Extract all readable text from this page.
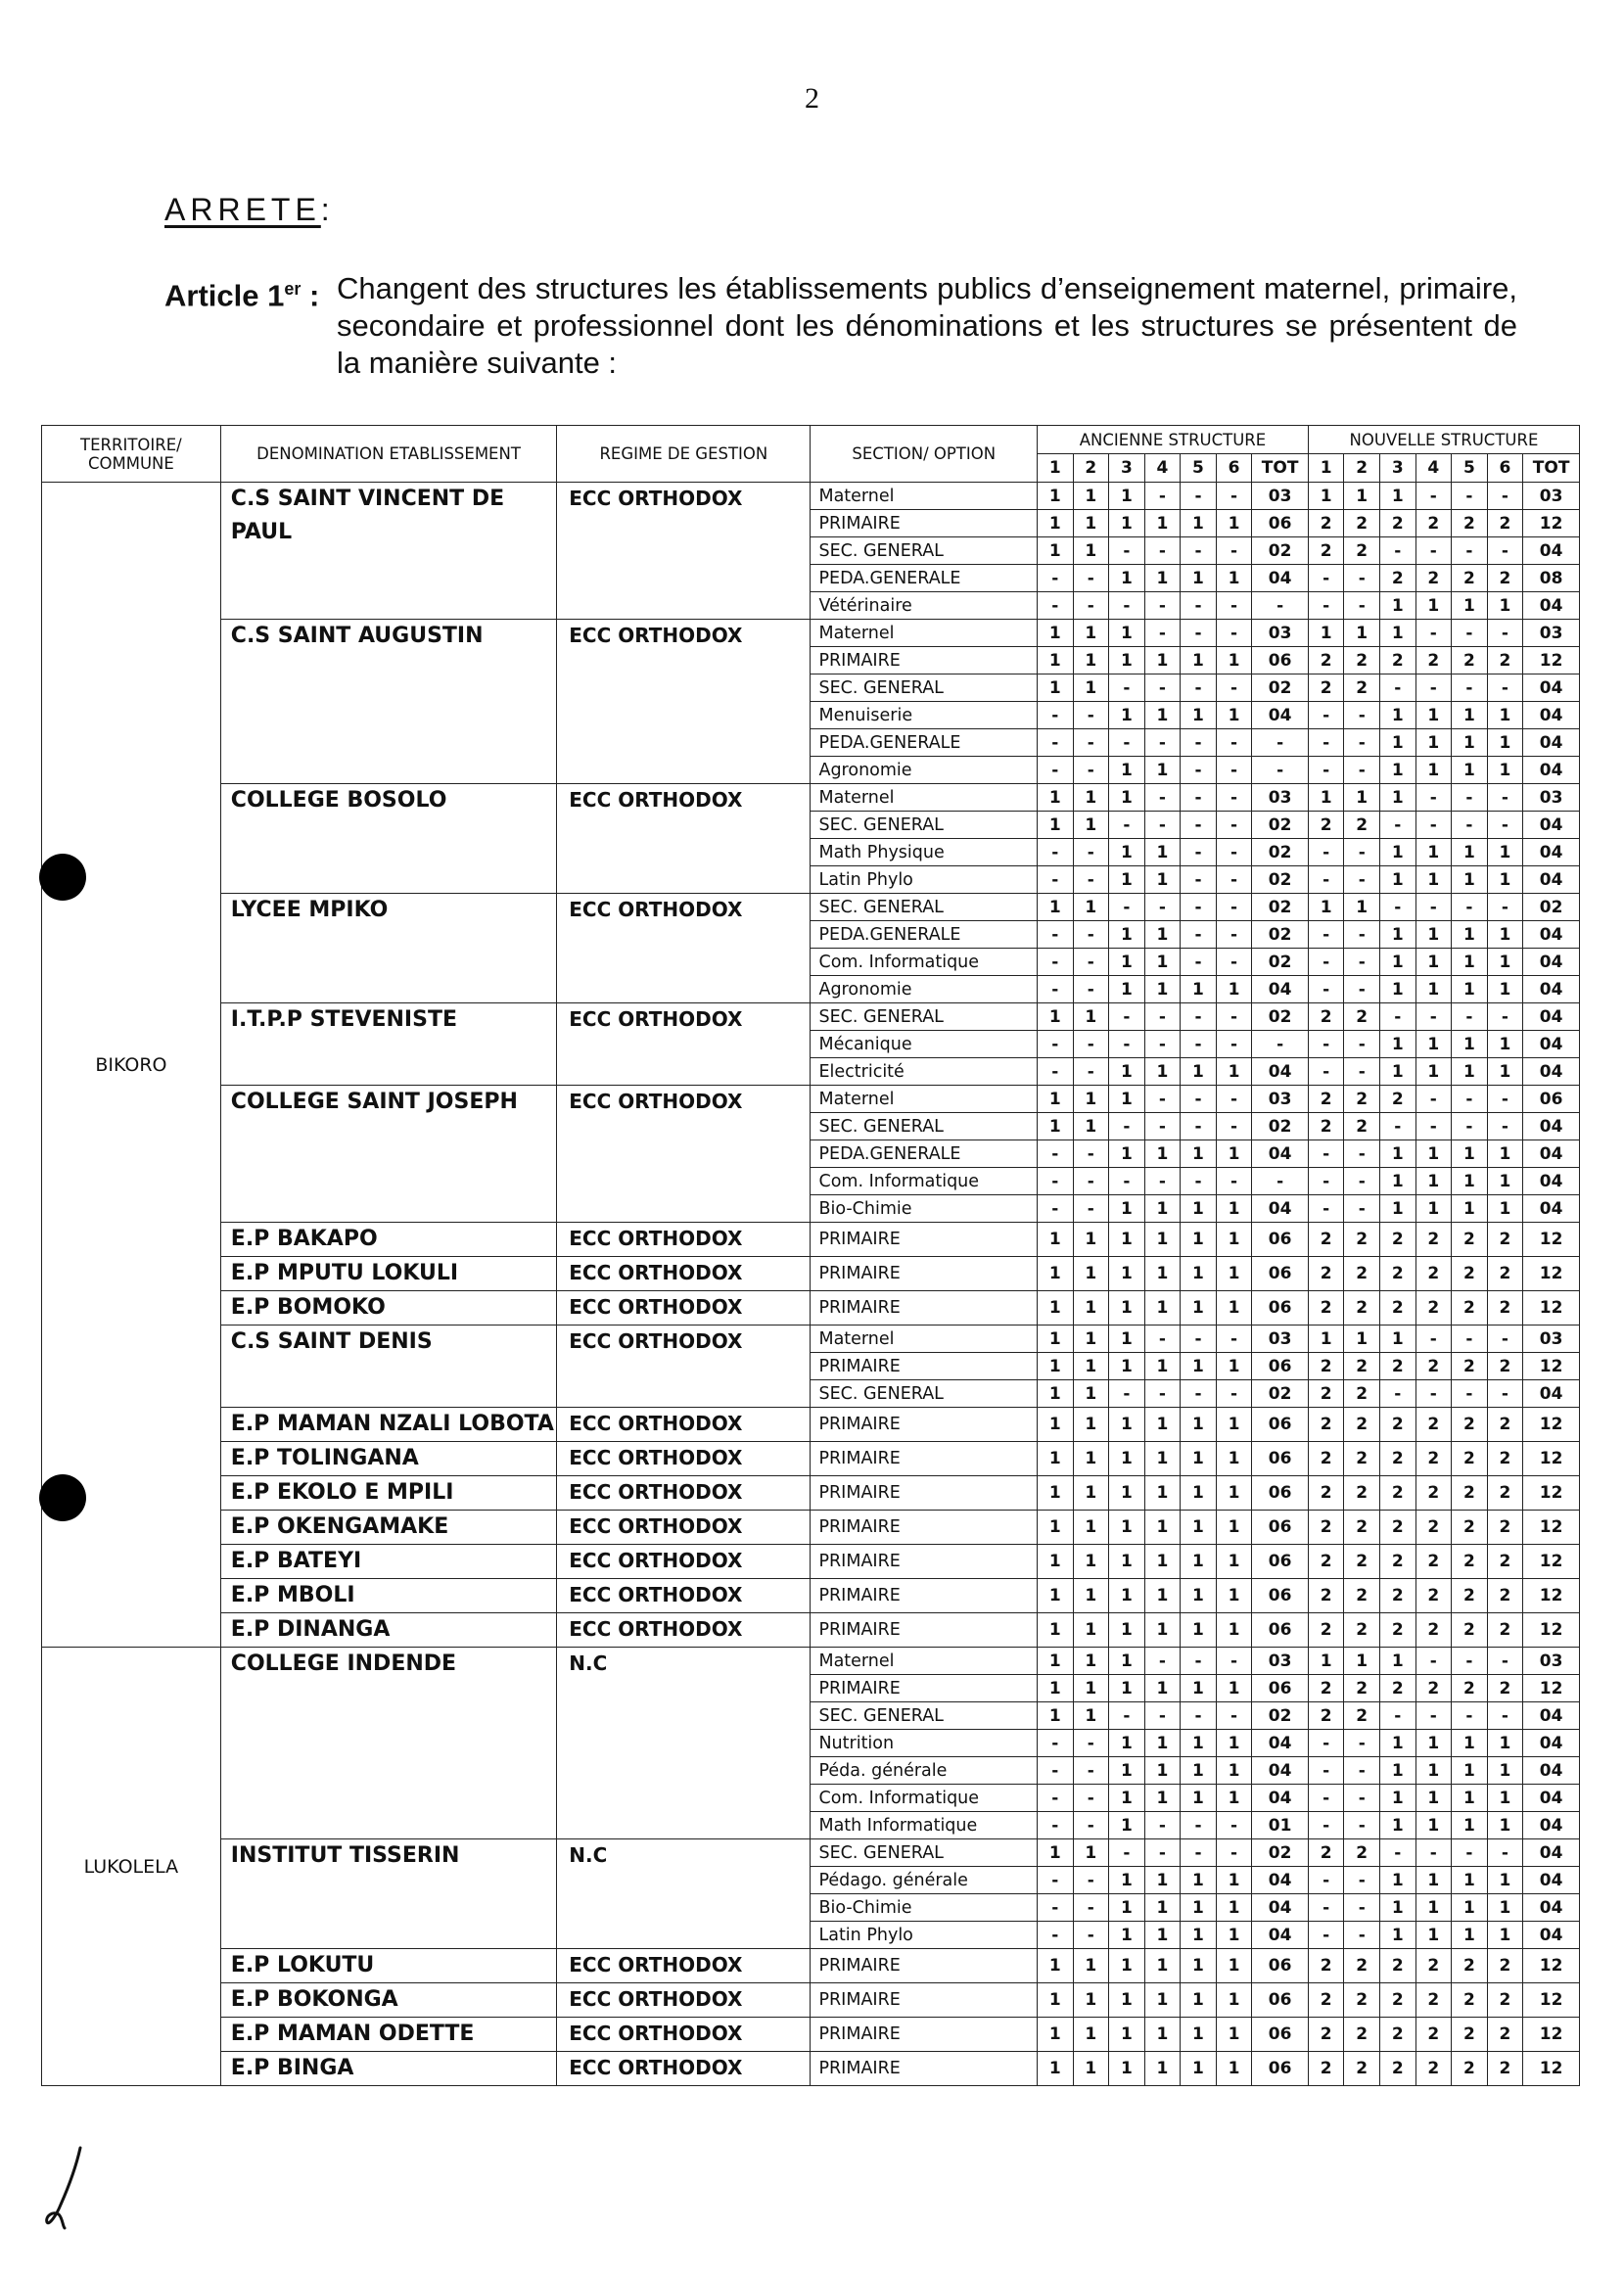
2
ARRETE:
Article 1er : Changent des structures les établissements publics d’enseignement maternel, primaire, secondaire et professionnel dont les dénominations et les structures se présentent de la manière suivante :
TERRITOIRE/ COMMUNE	DENOMINATION ETABLISSEMENT	REGIME DE GESTION	SECTION/ OPTION	ANCIENNE STRUCTURE							NOUVELLE STRUCTURE						
				1	2	3	4	5	6	TOT	1	2	3	4	5	6	TOT
BIKORO	C.S SAINT VINCENT DE PAUL	ECC ORTHODOX	Maternel	1	1	1	-	-	-	03	1	1	1	-	-	-	03
			PRIMAIRE	1	1	1	1	1	1	06	2	2	2	2	2	2	12
			SEC. GENERAL	1	1	-	-	-	-	02	2	2	-	-	-	-	04
			PEDA.GENERALE	-	-	1	1	1	1	04	-	-	2	2	2	2	08
			Vétérinaire	-	-	-	-	-	-	-	-	-	1	1	1	1	04
	C.S SAINT AUGUSTIN	ECC ORTHODOX	Maternel	1	1	1	-	-	-	03	1	1	1	-	-	-	03
			PRIMAIRE	1	1	1	1	1	1	06	2	2	2	2	2	2	12
			SEC. GENERAL	1	1	-	-	-	-	02	2	2	-	-	-	-	04
			Menuiserie	-	-	1	1	1	1	04	-	-	1	1	1	1	04
			PEDA.GENERALE	-	-	-	-	-	-	-	-	-	1	1	1	1	04
			Agronomie	-	-	1	1	-	-	-	-	-	1	1	1	1	04
	COLLEGE BOSOLO	ECC ORTHODOX	Maternel	1	1	1	-	-	-	03	1	1	1	-	-	-	03
			SEC. GENERAL	1	1	-	-	-	-	02	2	2	-	-	-	-	04
			Math Physique	-	-	1	1	-	-	02	-	-	1	1	1	1	04
			Latin Phylo	-	-	1	1	-	-	02	-	-	1	1	1	1	04
	LYCEE MPIKO	ECC ORTHODOX	SEC. GENERAL	1	1	-	-	-	-	02	1	1	-	-	-	-	02
			PEDA.GENERALE	-	-	1	1	-	-	02	-	-	1	1	1	1	04
			Com. Informatique	-	-	1	1	-	-	02	-	-	1	1	1	1	04
			Agronomie	-	-	1	1	1	1	04	-	-	1	1	1	1	04
	I.T.P.P STEVENISTE	ECC ORTHODOX	SEC. GENERAL	1	1	-	-	-	-	02	2	2	-	-	-	-	04
			Mécanique	-	-	-	-	-	-	-	-	-	1	1	1	1	04
			Electricité	-	-	1	1	1	1	04	-	-	1	1	1	1	04
	COLLEGE SAINT JOSEPH	ECC ORTHODOX	Maternel	1	1	1	-	-	-	03	2	2	2	-	-	-	06
			SEC. GENERAL	1	1	-	-	-	-	02	2	2	-	-	-	-	04
			PEDA.GENERALE	-	-	1	1	1	1	04	-	-	1	1	1	1	04
			Com. Informatique	-	-	-	-	-	-	-	-	-	1	1	1	1	04
			Bio-Chimie	-	-	1	1	1	1	04	-	-	1	1	1	1	04
	E.P BAKAPO	ECC ORTHODOX	PRIMAIRE	1	1	1	1	1	1	06	2	2	2	2	2	2	12
	E.P MPUTU LOKULI	ECC ORTHODOX	PRIMAIRE	1	1	1	1	1	1	06	2	2	2	2	2	2	12
	E.P BOMOKO	ECC ORTHODOX	PRIMAIRE	1	1	1	1	1	1	06	2	2	2	2	2	2	12
	C.S SAINT DENIS	ECC ORTHODOX	Maternel	1	1	1	-	-	-	03	1	1	1	-	-	-	03
			PRIMAIRE	1	1	1	1	1	1	06	2	2	2	2	2	2	12
			SEC. GENERAL	1	1	-	-	-	-	02	2	2	-	-	-	-	04
	E.P MAMAN NZALI LOBOTA	ECC ORTHODOX	PRIMAIRE	1	1	1	1	1	1	06	2	2	2	2	2	2	12
	E.P TOLINGANA	ECC ORTHODOX	PRIMAIRE	1	1	1	1	1	1	06	2	2	2	2	2	2	12
	E.P EKOLO E MPILI	ECC ORTHODOX	PRIMAIRE	1	1	1	1	1	1	06	2	2	2	2	2	2	12
	E.P OKENGAMAKE	ECC ORTHODOX	PRIMAIRE	1	1	1	1	1	1	06	2	2	2	2	2	2	12
	E.P BATEYI	ECC ORTHODOX	PRIMAIRE	1	1	1	1	1	1	06	2	2	2	2	2	2	12
	E.P MBOLI	ECC ORTHODOX	PRIMAIRE	1	1	1	1	1	1	06	2	2	2	2	2	2	12
	E.P DINANGA	ECC ORTHODOX	PRIMAIRE	1	1	1	1	1	1	06	2	2	2	2	2	2	12
LUKOLELA	COLLEGE INDENDE	N.C	Maternel	1	1	1	-	-	-	03	1	1	1	-	-	-	03
			PRIMAIRE	1	1	1	1	1	1	06	2	2	2	2	2	2	12
			SEC. GENERAL	1	1	-	-	-	-	02	2	2	-	-	-	-	04
			Nutrition	-	-	1	1	1	1	04	-	-	1	1	1	1	04
			Péda. générale	-	-	1	1	1	1	04	-	-	1	1	1	1	04
			Com. Informatique	-	-	1	1	1	1	04	-	-	1	1	1	1	04
			Math Informatique	-	-	1	-	-	-	01	-	-	1	1	1	1	04
	INSTITUT TISSERIN	N.C	SEC. GENERAL	1	1	-	-	-	-	02	2	2	-	-	-	-	04
			Pédago. générale	-	-	1	1	1	1	04	-	-	1	1	1	1	04
			Bio-Chimie	-	-	1	1	1	1	04	-	-	1	1	1	1	04
			Latin Phylo	-	-	1	1	1	1	04	-	-	1	1	1	1	04
	E.P LOKUTU	ECC ORTHODOX	PRIMAIRE	1	1	1	1	1	1	06	2	2	2	2	2	2	12
	E.P BOKONGA	ECC ORTHODOX	PRIMAIRE	1	1	1	1	1	1	06	2	2	2	2	2	2	12
	E.P MAMAN ODETTE	ECC ORTHODOX	PRIMAIRE	1	1	1	1	1	1	06	2	2	2	2	2	2	12
	E.P BINGA	ECC ORTHODOX	PRIMAIRE	1	1	1	1	1	1	06	2	2	2	2	2	2	12
